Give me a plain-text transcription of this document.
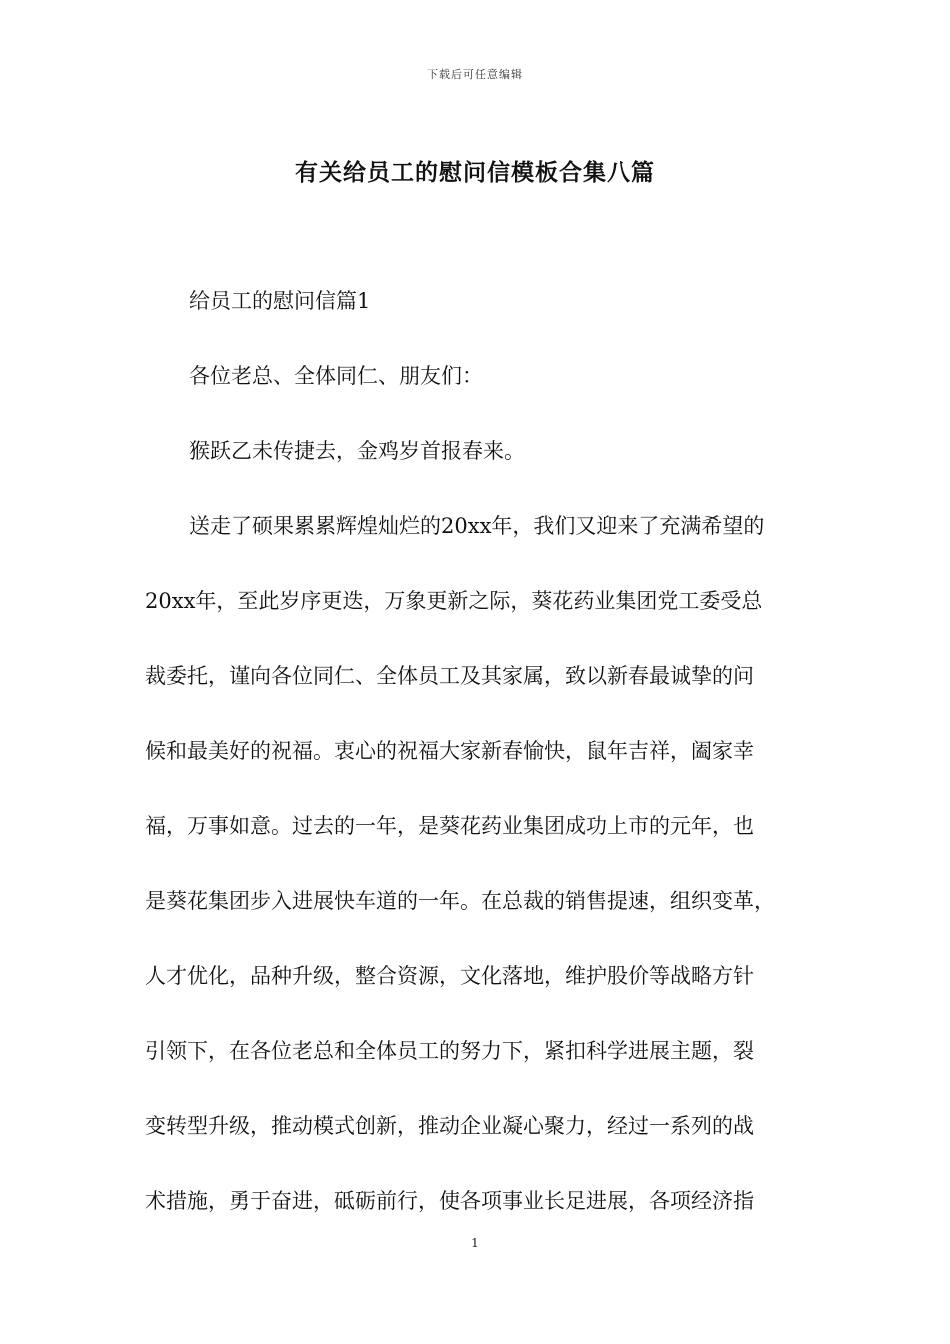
下载后可任意编辑
有关给员工的慰问信模板合集八篇
给员工的慰问信篇1
各位老总、全体同仁、朋友们：
猴跃乙未传捷去，金鸡岁首报春来。
送走了硕果累累辉煌灿烂的20xx年，我们又迎来了充满希望的
20xx年，至此岁序更迭，万象更新之际，葵花药业集团党工委受总
裁委托，谨向各位同仁、全体员工及其家属，致以新春最诚挚的问
候和最美好的祝福。衷心的祝福大家新春愉快，鼠年吉祥，阖家幸
福，万事如意。过去的一年，是葵花药业集团成功上市的元年，也
是葵花集团步入进展快车道的一年。在总裁的销售提速，组织变革，
人才优化，品种升级，整合资源，文化落地，维护股价等战略方针
引领下，在各位老总和全体员工的努力下，紧扣科学进展主题，裂
变转型升级，推动模式创新，推动企业凝心聚力，经过一系列的战
术措施，勇于奋进，砥砺前行，使各项事业长足进展，各项经济指
1
